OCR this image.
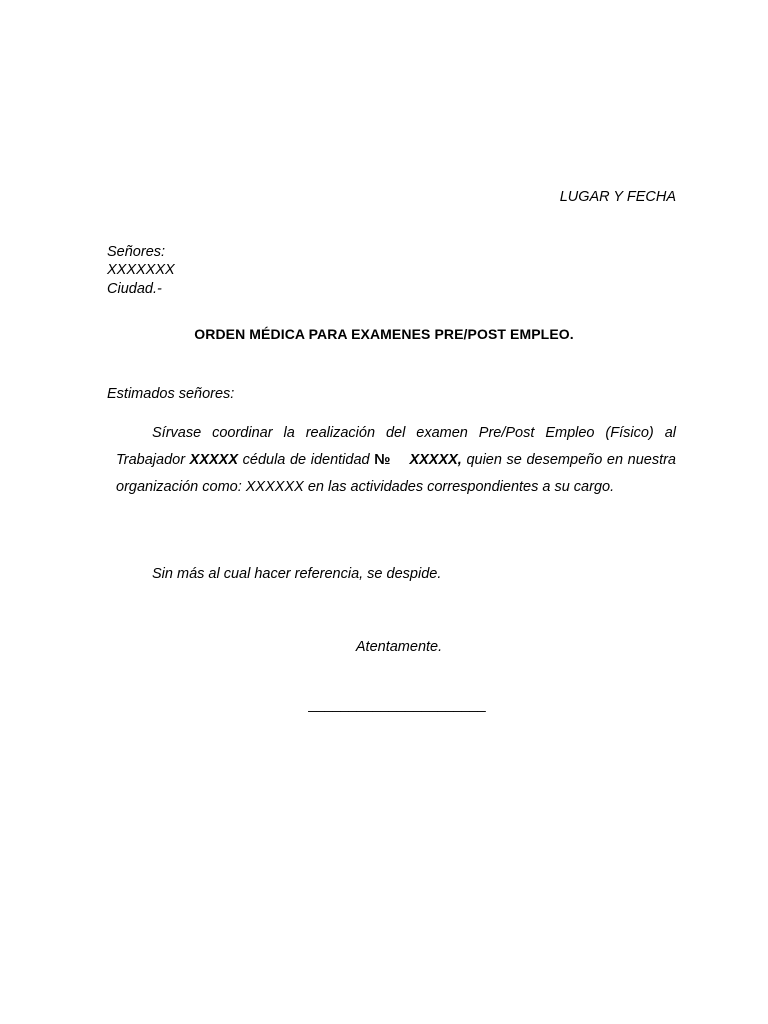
LUGAR Y FECHA
Señores:
XXXXXXX
Ciudad.-
ORDEN MÉDICA PARA EXAMENES PRE/POST EMPLEO.
Estimados señores:
Sírvase coordinar la realización del examen Pre/Post Empleo (Físico) al Trabajador XXXXX cédula de identidad № XXXXX, quien se desempeño en nuestra organización como: XXXXXX en las actividades correspondientes a su cargo.
Sin más al cual hacer referencia, se despide.
Atentamente.
______________________
